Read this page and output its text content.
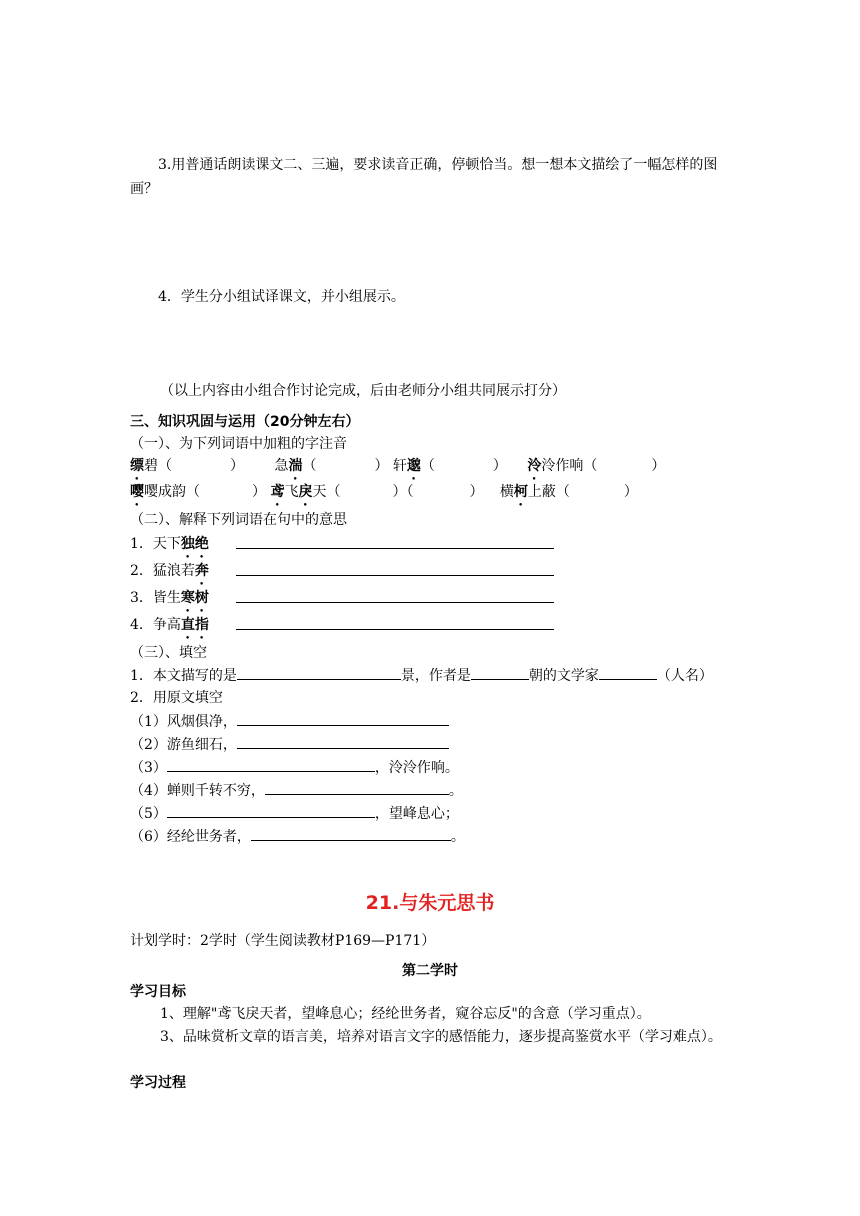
3.用普通话朗读课文二、三遍，要求读音正确，停顿恰当。想一想本文描绘了一幅怎样的图画？
4．学生分小组试译课文，并小组展示。
（以上内容由小组合作讨论完成，后由老师分小组共同展示打分）
三、知识巩固与运用（20分钟左右）
（一）、为下列词语中加粗的字注音
缥碧（	） 急湍（	） 轩邈（	） 泠泠作响（	）
嘤嘤成韵（	） 鸢飞戾天（	）（	） 横柯上蔽（	）
（二）、解释下列词语在句中的意思
1．天下独绝
2．猛浪若奔
3．皆生寒树
4．争高直指
（三）、填空
1．本文描写的是	景，作者是	朝的文学家	（人名）
2．用原文填空
（1）风烟俱净，
（2）游鱼细石，
（3）	，泠泠作响。
（4）蝉则千转不穷，	。
（5）	，望峰息心；
（6）经纶世务者，	。
21.与朱元思书
计划学时：2学时（学生阅读教材P169—P171）
第二学时
学习目标
1、理解"鸢飞戾天者，望峰息心；经纶世务者，窥谷忘反"的含意（学习重点）。
3、品味赏析文章的语言美，培养对语言文字的感悟能力，逐步提高鉴赏水平（学习难点）。
学习过程
